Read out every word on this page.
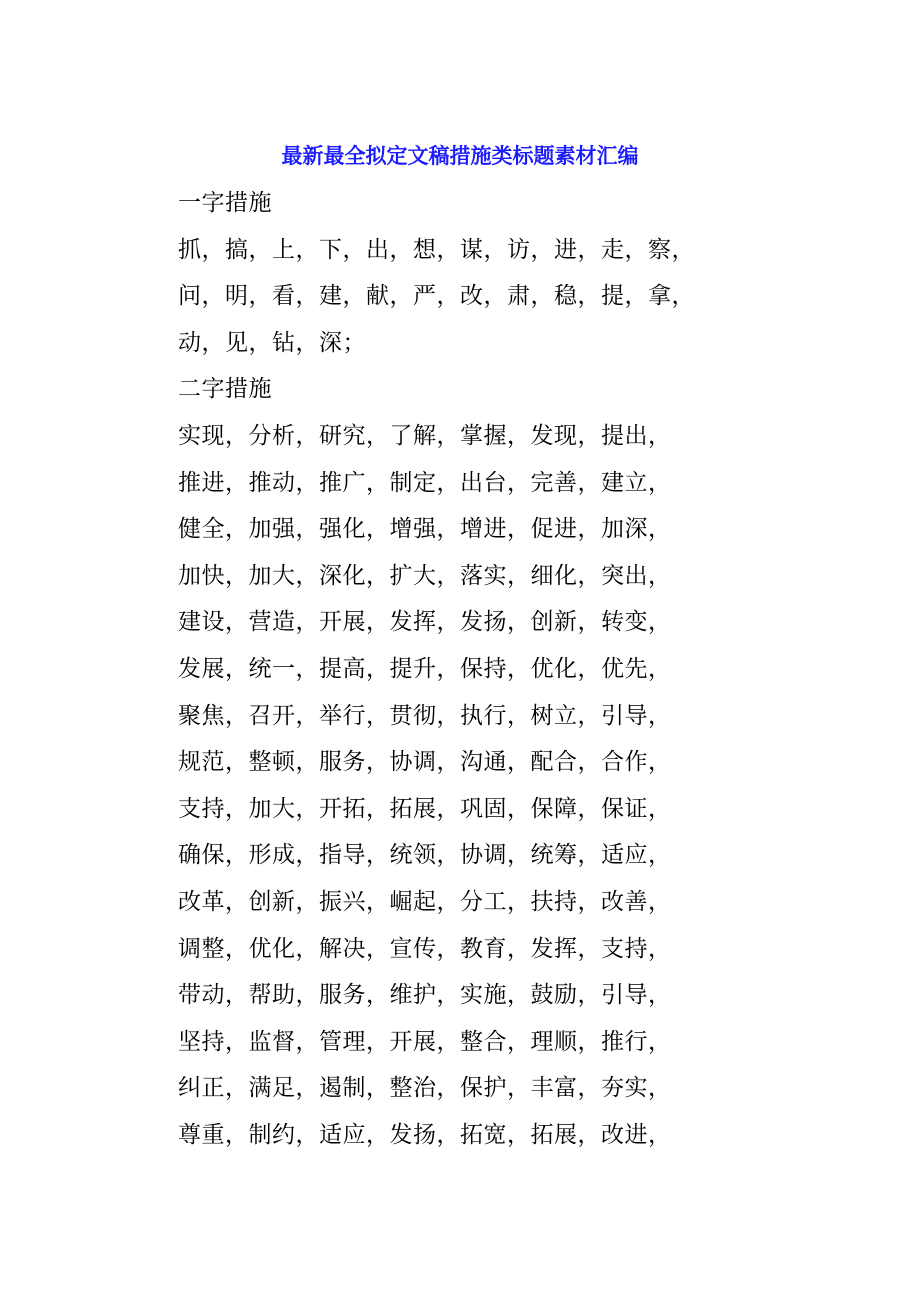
最新最全拟定文稿措施类标题素材汇编
一字措施
抓，搞，上，下，出，想，谋，访，进，走，察，
问，明，看，建，献，严，改，肃，稳，提，拿，
动，见，钻，深；
二字措施
实现，分析，研究，了解，掌握，发现，提出，
推进，推动，推广，制定，出台，完善，建立，
健全，加强，强化，增强，增进，促进，加深，
加快，加大，深化，扩大，落实，细化，突出，
建设，营造，开展，发挥，发扬，创新，转变，
发展，统一，提高，提升，保持，优化，优先，
聚焦，召开，举行，贯彻，执行，树立，引导，
规范，整顿，服务，协调，沟通，配合，合作，
支持，加大，开拓，拓展，巩固，保障，保证，
确保，形成，指导，统领，协调，统筹，适应，
改革，创新，振兴，崛起，分工，扶持，改善，
调整，优化，解决，宣传，教育，发挥，支持，
带动，帮助，服务，维护，实施，鼓励，引导，
坚持，监督，管理，开展，整合，理顺，推行，
纠正，满足，遏制，整治，保护，丰富，夯实，
尊重，制约，适应，发扬，拓宽，拓展，改进，
